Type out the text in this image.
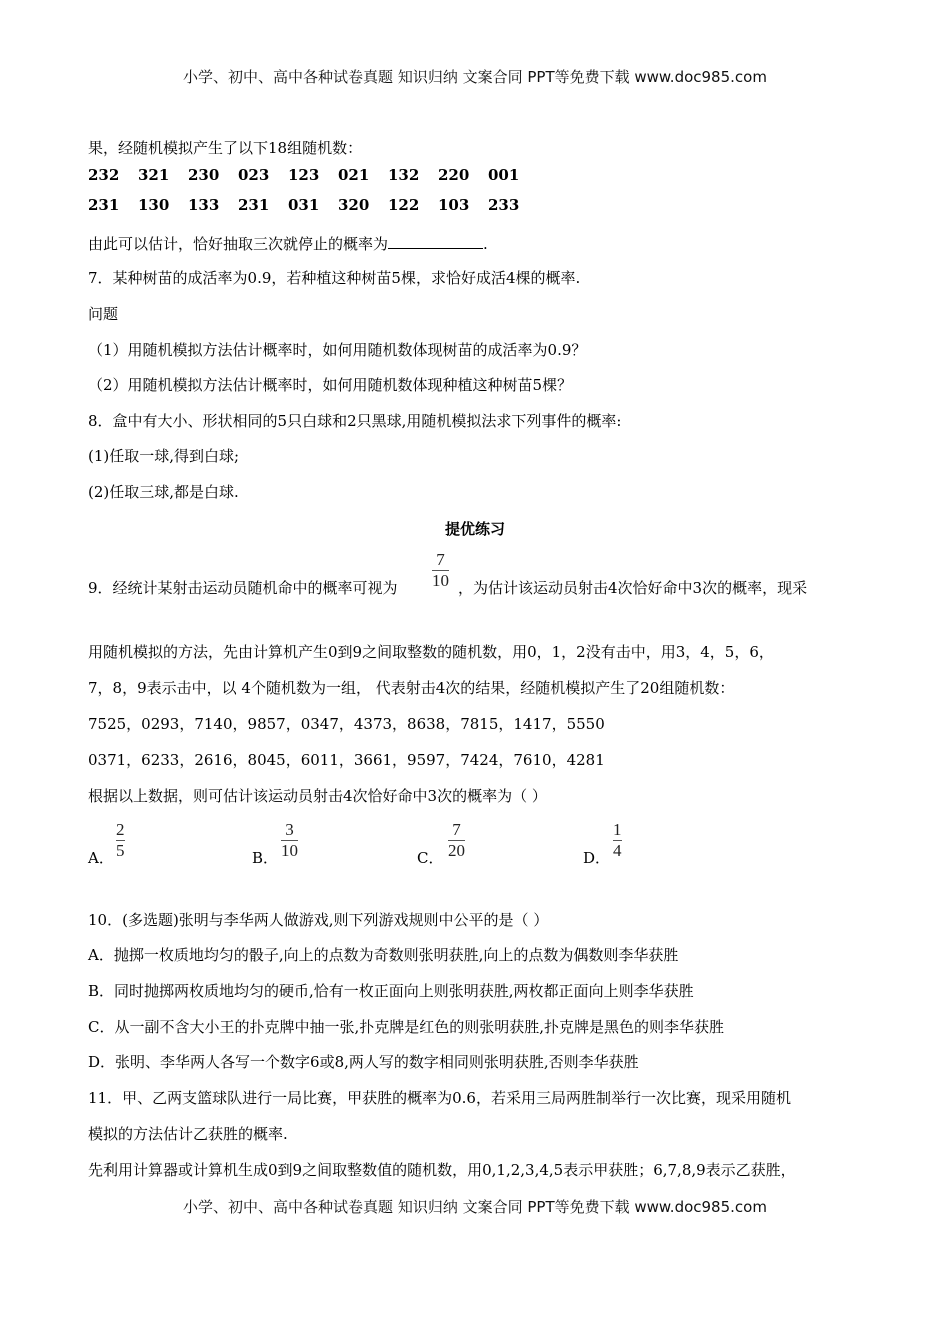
小学、初中、高中各种试卷真题 知识归纳 文案合同 PPT等免费下载 www.doc985.com
果，经随机模拟产生了以下18组随机数：
232	321	230	023	123	021	132	220	001
231	130	133	231	031	320	122	103	233
由此可以估计，恰好抽取三次就停止的概率为	.
7．某种树苗的成活率为0.9，若种植这种树苗5棵，求恰好成活4棵的概率.
问题
（1）用随机模拟方法估计概率时，如何用随机数体现树苗的成活率为0.9？
（2）用随机模拟方法估计概率时，如何用随机数体现种植这种树苗5棵？
8．盒中有大小、形状相同的5只白球和2只黑球,用随机模拟法求下列事件的概率:
(1)任取一球,得到白球;
(2)任取三球,都是白球.
提优练习
7
10
9．经统计某射击运动员随机命中的概率可视为	，为估计该运动员射击4次恰好命中3次的概率，现采
用随机模拟的方法，先由计算机产生0到9之间取整数的随机数，用0，1，2没有击中，用3，4，5，6，
7，8，9表示击中，以 4个随机数为一组， 代表射击4次的结果，经随机模拟产生了20组随机数：
7525，0293，7140，9857，0347，4373，8638，7815，1417，5550
0371，6233，2616，8045，6011，3661，9597，7424，7610，4281
根据以上数据，则可估计该运动员射击4次恰好命中3次的概率为（ ）
A．
2
5	B．
3
10	C．
7
20	D．
1
4
10．(多选题)张明与李华两人做游戏,则下列游戏规则中公平的是（ ）
A．抛掷一枚质地均匀的骰子,向上的点数为奇数则张明获胜,向上的点数为偶数则李华获胜
B．同时抛掷两枚质地均匀的硬币,恰有一枚正面向上则张明获胜,两枚都正面向上则李华获胜
C．从一副不含大小王的扑克牌中抽一张,扑克牌是红色的则张明获胜,扑克牌是黑色的则李华获胜
D．张明、李华两人各写一个数字6或8,两人写的数字相同则张明获胜,否则李华获胜
11．甲、乙两支篮球队进行一局比赛，甲获胜的概率为0.6，若采用三局两胜制举行一次比赛，现采用随机
模拟的方法估计乙获胜的概率.
先利用计算器或计算机生成0到9之间取整数值的随机数，用0,1,2,3,4,5表示甲获胜；6,7,8,9表示乙获胜，
小学、初中、高中各种试卷真题 知识归纳 文案合同 PPT等免费下载 www.doc985.com
